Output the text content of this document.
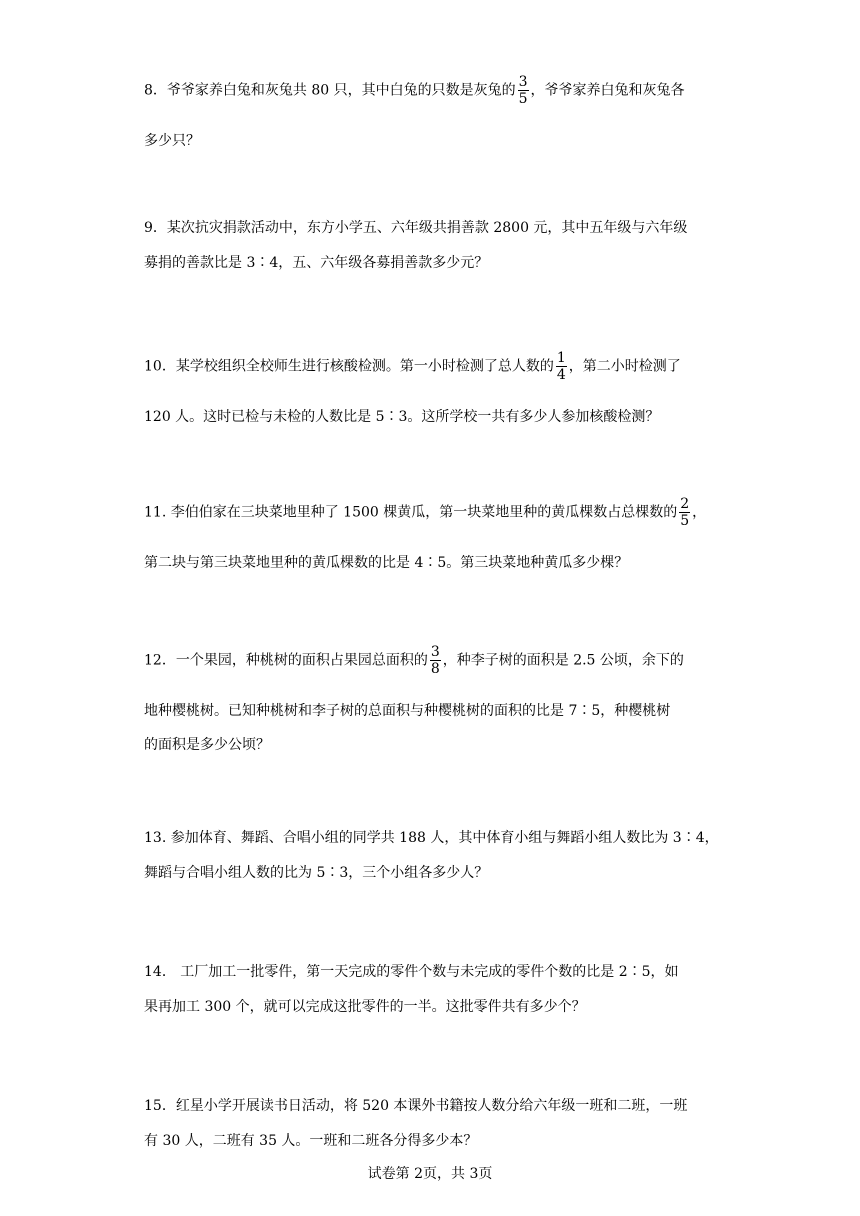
8．爷爷家养白兔和灰兔共 80 只，其中白兔的只数是灰兔的 $\frac{3}{5}$ ，爷爷家养白兔和灰兔各
多少只？
9．某次抗灾捐款活动中，东方小学五、六年级共捐善款 2800 元，其中五年级与六年级
募捐的善款比是 3∶4，五、六年级各募捐善款多少元？
10．某学校组织全校师生进行核酸检测。第一小时检测了总人数的 $\frac{1}{4}$ ，第二小时检测了
120 人。这时已检与未检的人数比是 5∶3。这所学校一共有多少人参加核酸检测？
11. 李伯伯家在三块菜地里种了 1500 棵黄瓜，第一块菜地里种的黄瓜棵数占总棵数的 $\frac{2}{5}$ ，
第二块与第三块菜地里种的黄瓜棵数的比是 4∶5。第三块菜地种黄瓜多少棵？
12．一个果园，种桃树的面积占果园总面积的 $\frac{3}{8}$ ，种李子树的面积是 2.5 公顷，余下的
地种樱桃树。已知种桃树和李子树的总面积与种樱桃树的面积的比是 7∶5，种樱桃树
的面积是多少公顷？
13. 参加体育、舞蹈、合唱小组的同学共 188 人，其中体育小组与舞蹈小组人数比为 3∶4，
舞蹈与合唱小组人数的比为 5∶3，三个小组各多少人？
14． 工厂加工一批零件，第一天完成的零件个数与未完成的零件个数的比是 2∶5，如
果再加工 300 个，就可以完成这批零件的一半。这批零件共有多少个？
15．红星小学开展读书日活动，将 520 本课外书籍按人数分给六年级一班和二班，一班
有 30 人，二班有 35 人。一班和二班各分得多少本？
试卷第 2页，共 3页
